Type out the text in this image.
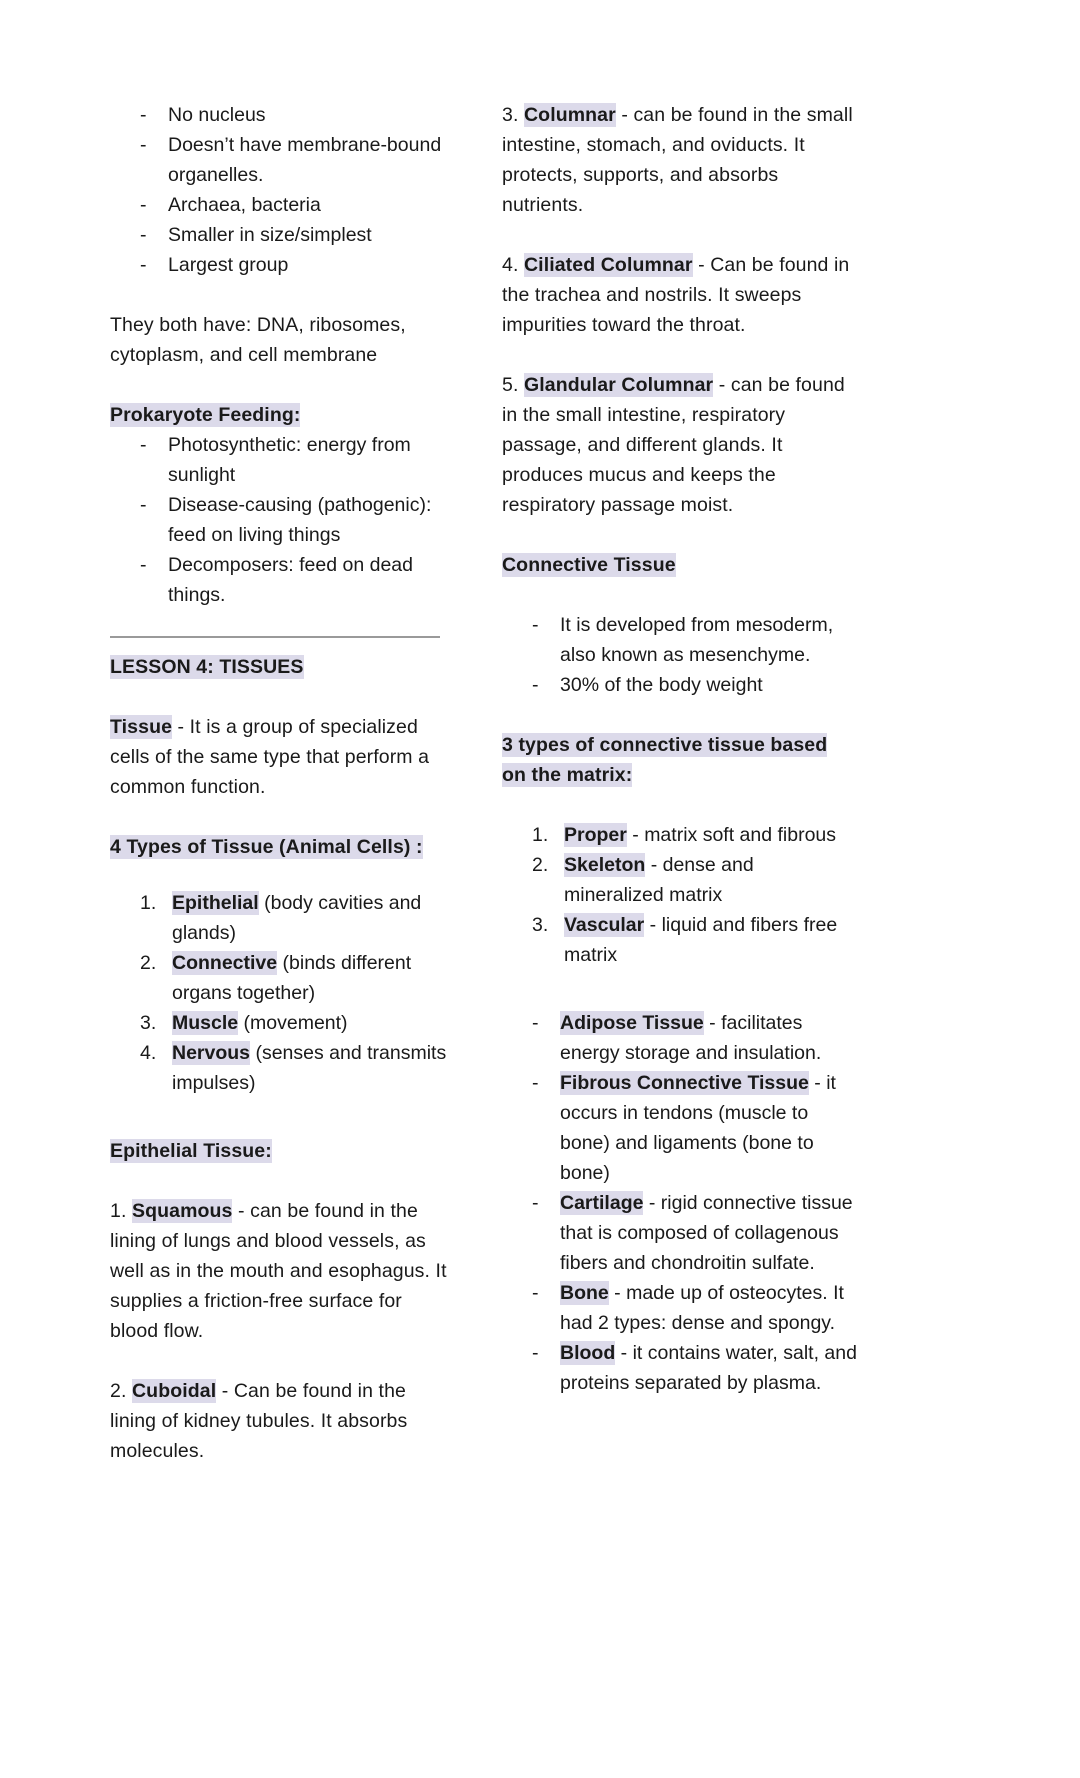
- No nucleus
- Doesn’t have membrane-bound organelles.
- Archaea, bacteria
- Smaller in size/simplest
- Largest group

They both have: DNA, ribosomes, cytoplasm, and cell membrane

Prokaryote Feeding:

- Photosynthetic: energy from sunlight
- Disease-causing (pathogenic): feed on living things
- Decomposers: feed on dead things.

LESSON 4: TISSUES

Tissue - It is a group of specialized cells of the same type that perform a common function.

4 Types of Tissue (Animal Cells) :

Epithelial (body cavities and glands)
Connective (binds different organs together)
Muscle (movement)
Nervous (senses and transmits impulses)

Epithelial Tissue:

1. Squamous - can be found in the lining of lungs and blood vessels, as well as in the mouth and esophagus. It supplies a friction-free surface for blood flow.

2. Cuboidal - Can be found in the lining of kidney tubules. It absorbs molecules.

3. Columnar - can be found in the small intestine, stomach, and oviducts. It protects, supports, and absorbs nutrients.

4. Ciliated Columnar - Can be found in the trachea and nostrils. It sweeps impurities toward the throat.

5. Glandular Columnar - can be found in the small intestine, respiratory passage, and different glands. It produces mucus and keeps the respiratory passage moist.

Connective Tissue

- It is developed from mesoderm, also known as mesenchyme.
- 30% of the body weight

3 types of connective tissue based
on the matrix:

Proper - matrix soft and fibrous
Skeleton - dense and mineralized matrix
Vascular - liquid and fibers free matrix
- Adipose Tissue - facilitates energy storage and insulation.
- Fibrous Connective Tissue - it occurs in tendons (muscle to bone) and ligaments (bone to bone)
- Cartilage - rigid connective tissue that is composed of collagenous fibers and chondroitin sulfate.
- Bone - made up of osteocytes. It had 2 types: dense and spongy.
- Blood - it contains water, salt, and proteins separated by plasma.
